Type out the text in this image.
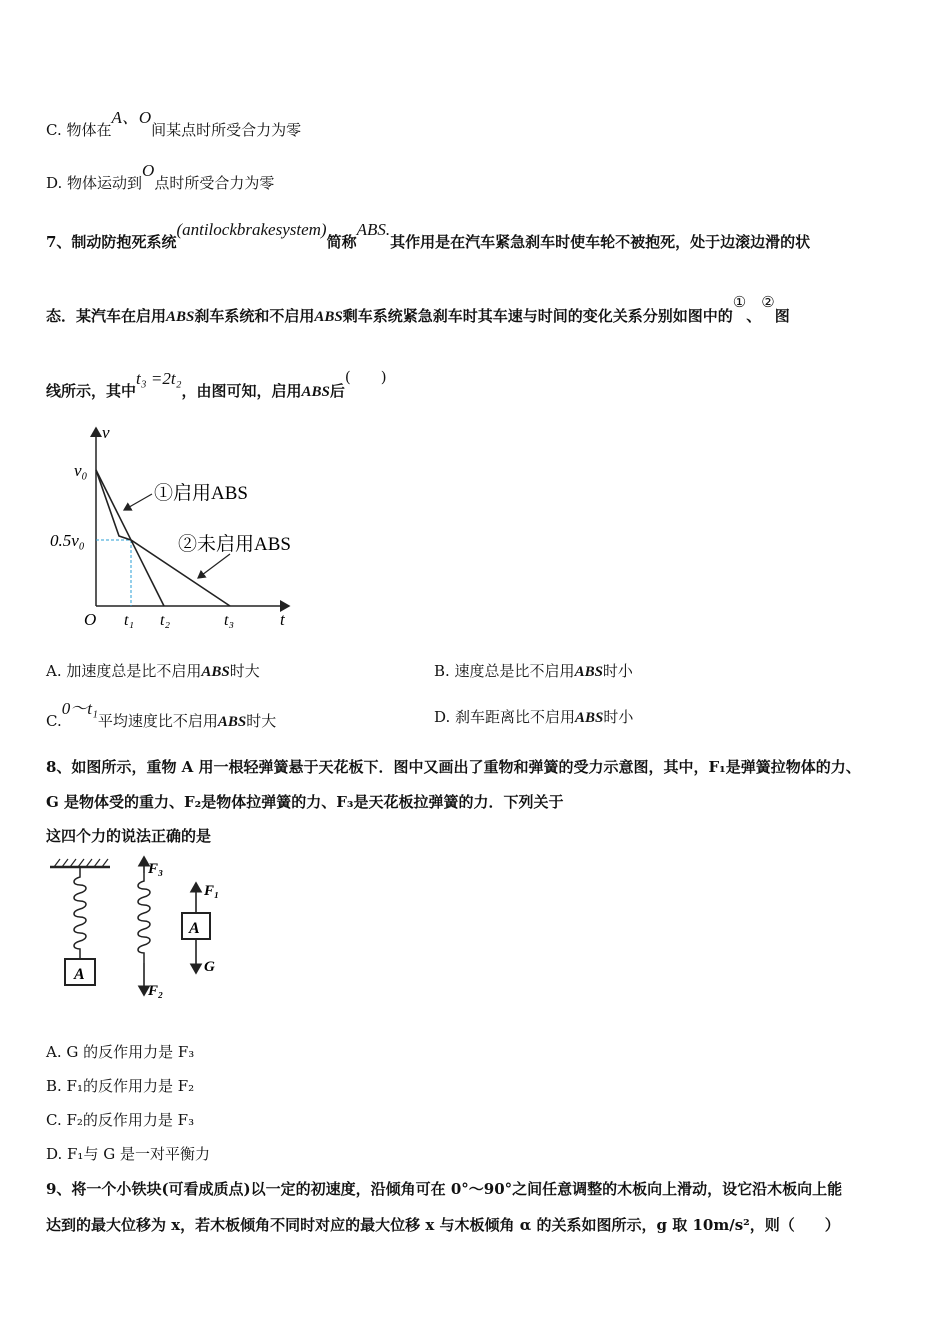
C. 物体在A、O间某点时所受合力为零
D. 物体运动到O点时所受合力为零
7、制动防抱死系统(antilockbrakesystem)简称ABS.其作用是在汽车紧急刹车时使车轮不被抱死，处于边滚边滑的状
态．某汽车在启用ABS刹车系统和不启用ABS剩车系统紧急刹车时其车速与时间的变化关系分别如图中的①、②图
线所示，其中t₃ =2t₂，由图可知，启用ABS后(　　)
v
t
O
v₀
0.5v₀
t₁ t₂	t₃
①启用ABS
②未启用ABS
A. 加速度总是比不启用ABS时大	B. 速度总是比不启用ABS时小
C.0～t₁平均速度比不启用ABS时大	D. 刹车距离比不启用ABS时小
8、如图所示，重物 A 用一根轻弹簧悬于天花板下．图中又画出了重物和弹簧的受力示意图，其中，F₁是弹簧拉物体的力、
G 是物体受的重力、F₂是物体拉弹簧的力、F₃是天花板拉弹簧的力．下列关于
这四个力的说法正确的是
A
F₃
F₂
A
F₁
G
A. G 的反作用力是 F₃
B. F₁的反作用力是 F₂
C. F₂的反作用力是 F₃
D. F₁与 G 是一对平衡力
9、将一个小铁块(可看成质点)以一定的初速度，沿倾角可在 0°～90°之间任意调整的木板向上滑动，设它沿木板向上能
达到的最大位移为 x，若木板倾角不同时对应的最大位移 x 与木板倾角 α 的关系如图所示，g 取 10m/s²，则（　　）
